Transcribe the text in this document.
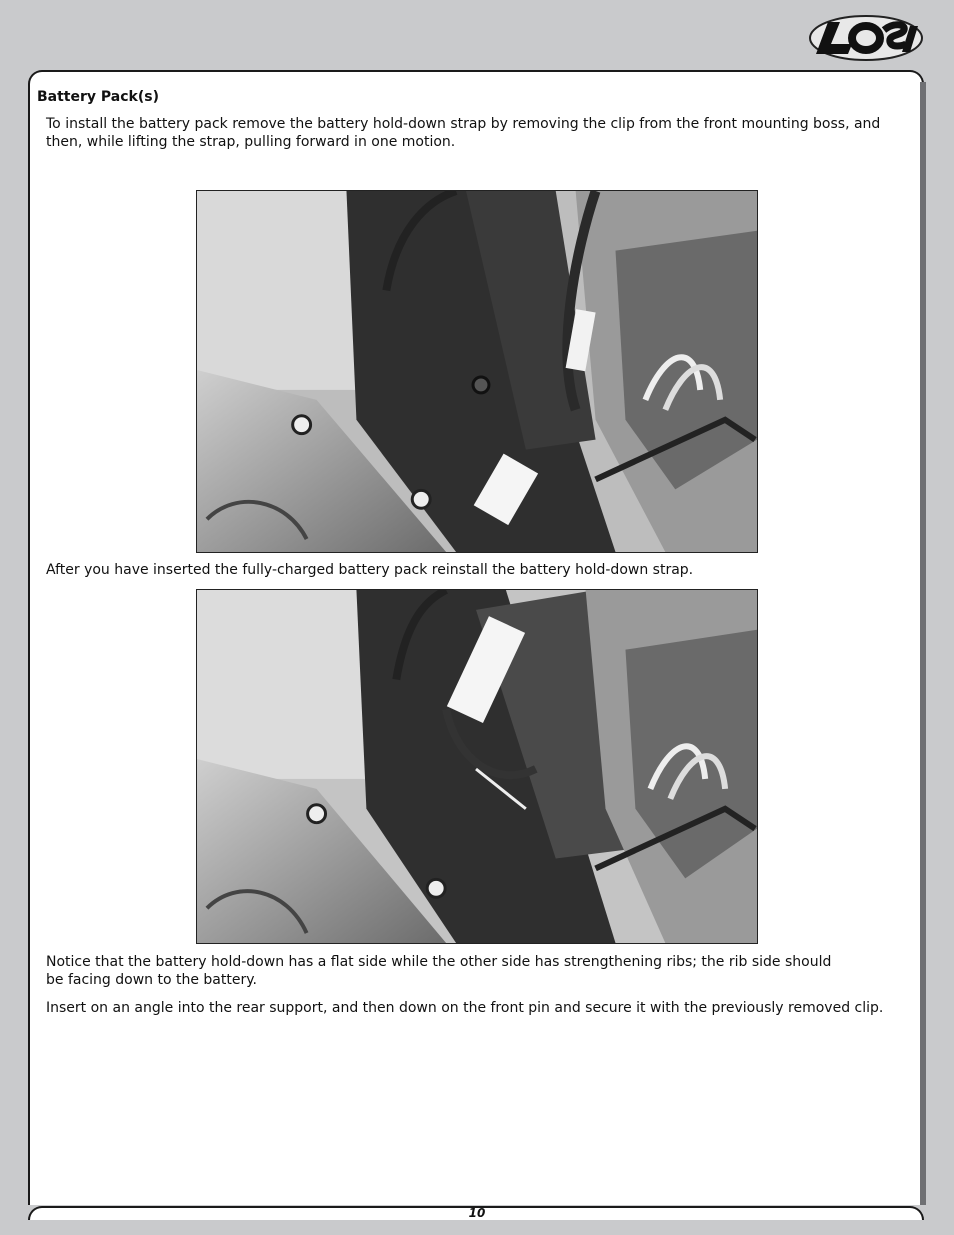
Battery Pack(s)

To install the battery pack remove the battery hold-down strap by removing the clip from the front mounting boss, and then, while lifting the strap, pulling forward in one motion.

After you have inserted the fully-charged battery pack reinstall the battery hold-down strap.

Notice that the battery hold-down has a flat side while the other side has strengthening ribs; the rib side should be facing down to the battery.

Insert on an angle into the rear support, and then down on the front pin and secure it with the previously removed clip.

10
